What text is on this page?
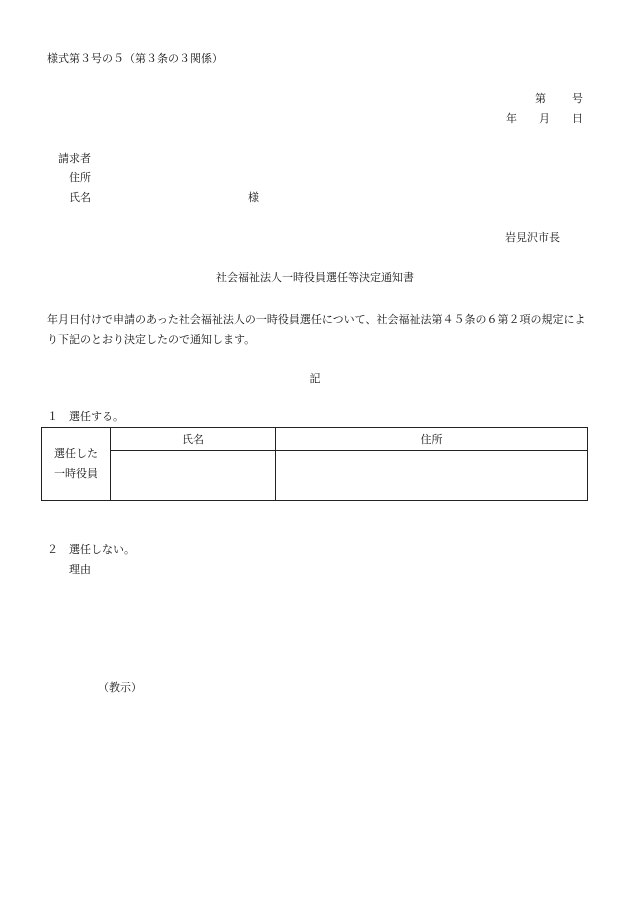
様式第３号の５（第３条の３関係）
第 号
年 月 日
請求者
住所
氏名	様
岩見沢市長
社会福祉法人一時役員選任等決定通知書
年月日付けで申請のあった社会福祉法人の一時役員選任について、社会福祉法第４５条の６第２項の規定により下記のとおり決定したので通知します。
記
１　選任する。
選任した
一時役員	氏名	住所

２　選任しない。
理由
（教示）
